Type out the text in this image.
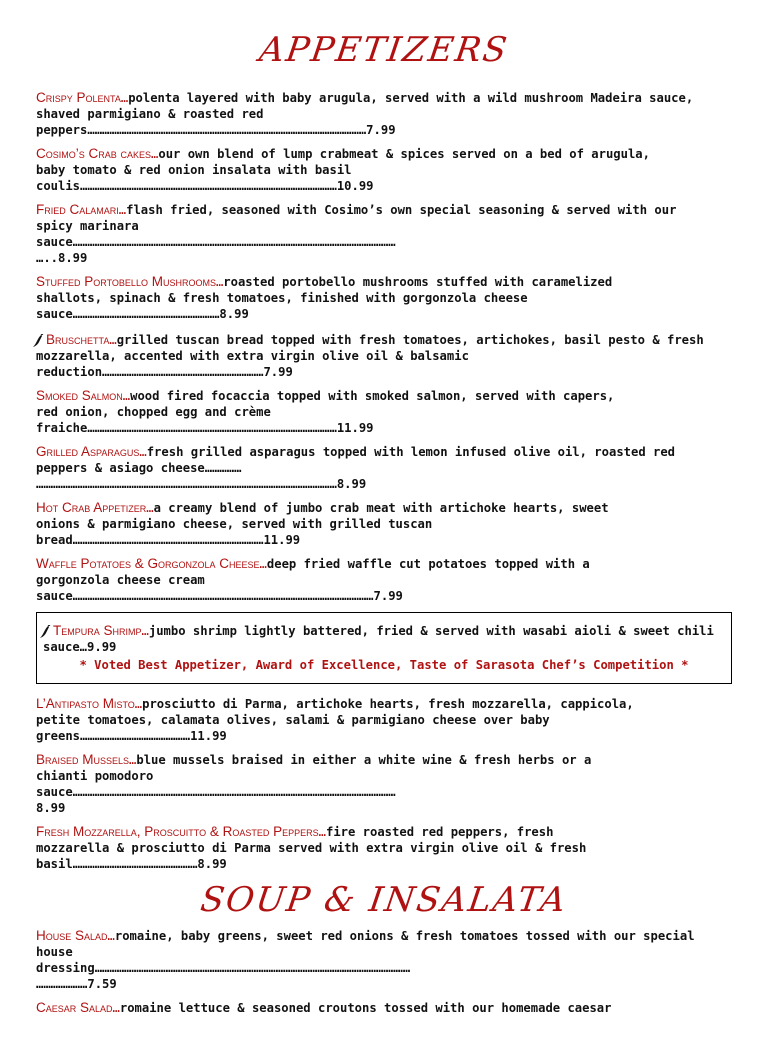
APPETIZERS
Crispy Polenta…polenta layered with baby arugula, served with a wild mushroom Madeira sauce,
shaved parmigiano & roasted red
peppers……………………………………………………………………………………………………7.99
Cosimo’s Crab cakes…our own blend of lump crabmeat & spices served on a bed of arugula,
baby tomato & red onion insalata with basil
coulis……………………………………………………………………………………………10.99
Fried Calamari…flash fried, seasoned with Cosimo’s own special seasoning & served with our
spicy marinara
sauce……………………………………………………………………………………………………………………
…..8.99
Stuffed Portobello Mushrooms…roasted portobello mushrooms stuffed with caramelized
shallots, spinach & fresh tomatoes, finished with gorgonzola cheese
sauce……………………………………………………8.99
Bruschetta…grilled tuscan bread topped with fresh tomatoes, artichokes, basil pesto & fresh
mozzarella, accented with extra virgin olive oil & balsamic
reduction…………………………………………………………7.99
Smoked Salmon…wood fired focaccia topped with smoked salmon, served with capers,
red onion, chopped egg and crème
fraiche…………………………………………………………………………………………11.99
Grilled Asparagus…fresh grilled asparagus topped with lemon infused olive oil, roasted red
peppers & asiago cheese……………
……………………………………………………………………………………………………………8.99
Hot Crab Appetizer…a creamy blend of jumbo crab meat with artichoke hearts, sweet
onions & parmigiano cheese, served with grilled tuscan
bread……………………………………………………………………11.99
Waffle Potatoes & Gorgonzola Cheese…deep fried waffle cut potatoes topped with a
gorgonzola cheese cream
sauce……………………………………………………………………………………………………………7.99
Tempura Shrimp…jumbo shrimp lightly battered, fried & served with wasabi aioli & sweet chili
sauce…9.99
* Voted Best Appetizer, Award of Excellence, Taste of Sarasota Chef’s Competition *
L’Antipasto Misto…prosciutto di Parma, artichoke hearts, fresh mozzarella, cappicola,
petite tomatoes, calamata olives, salami & parmigiano cheese over baby
greens………………………………………11.99
Braised Mussels…blue mussels braised in either a white wine & fresh herbs or a
chianti pomodoro
sauce……………………………………………………………………………………………………………………
8.99
Fresh Mozzarella, Proscuitto & Roasted Peppers…fire roasted red peppers, fresh
mozzarella & prosciutto di Parma served with extra virgin olive oil & fresh
basil……………………………………………8.99
SOUP & INSALATA
House Salad…romaine, baby greens, sweet red onions & fresh tomatoes tossed with our special
house
dressing…………………………………………………………………………………………………………………
…………………7.59
Caesar Salad…romaine lettuce & seasoned croutons tossed with our homemade caesar
